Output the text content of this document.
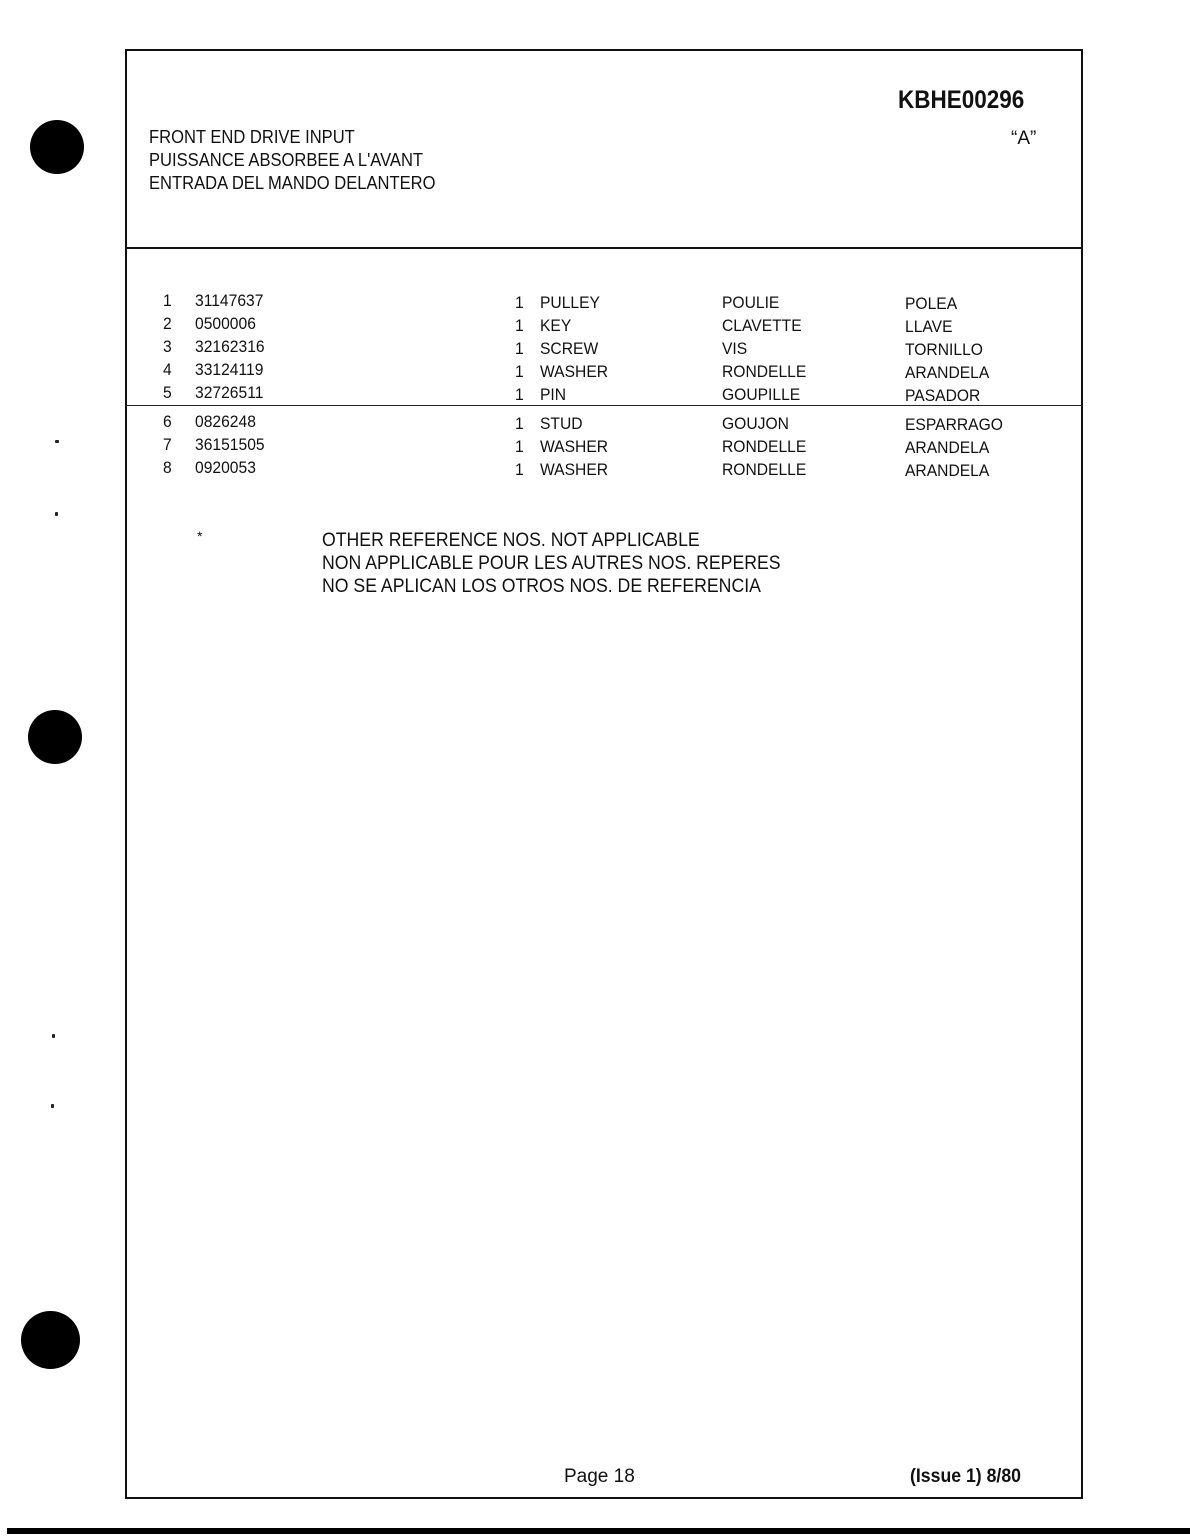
KBHE00296
“A”
FRONT END DRIVE INPUT
PUISSANCE ABSORBEE A L'AVANT
ENTRADA DEL MANDO DELANTERO
1 31147637	1 PULLEY	POULIE	POLEA
2 0500006	1 KEY	CLAVETTE	LLAVE
3 32162316	1 SCREW	VIS	TORNILLO
4 33124119	1 WASHER	RONDELLE	ARANDELA
5 32726511	1 PIN	GOUPILLE	PASADOR
6 0826248	1 STUD	GOUJON	ESPARRAGO
7 36151505	1 WASHER	RONDELLE	ARANDELA
8 0920053	1 WASHER	RONDELLE	ARANDELA
*	OTHER REFERENCE NOS. NOT APPLICABLE
NON APPLICABLE POUR LES AUTRES NOS. REPERES
NO SE APLICAN LOS OTROS NOS. DE REFERENCIA
Page 18	(Issue 1) 8/80
